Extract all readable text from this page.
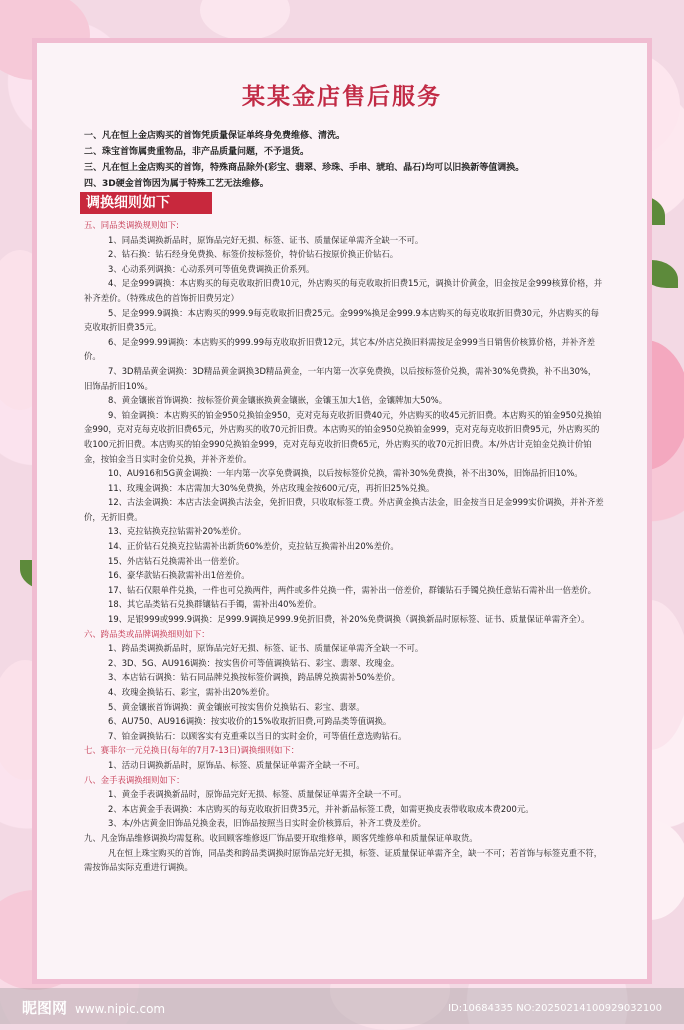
某某金店售后服务
一、凡在恒上金店购买的首饰凭质量保证单终身免费维修、清洗。
二、珠宝首饰属贵重物品，非产品质量问题，不予退货。
三、凡在恒上金店购买的首饰，特殊商品除外(彩宝、翡翠、珍珠、手串、琥珀、晶石)均可以旧换新等值调换。
四、3D硬金首饰因为属于特殊工艺无法维修。
调换细则如下

五、同品类调换规则如下:

1、同品类调换新品时，原饰品完好无损、标签、证书、质量保证单需齐全缺一不可。

2、钻石换：钻石经身免费换、标签价按标签价，特价钻石按原价换正价钻石。

3、心动系列调换：心动系列可等值免费调换正价系列。

4、足金999调换：本店购买的每克收取折旧费10元，外店购买的每克收取折旧费15元，调换计价黄金，旧金按足金999核算价格，并补齐差价。（特殊成色的首饰折旧费另定）

5、足金999.9调换：本店购买的999.9每克收取折旧费25元。金999%换足金999.9本店购买的每克收取折旧费30元，外店购买的每克收取折旧费35元。

6、足金999.99调换：本店购买的999.99每克收取折旧费12元，其它本/外店兑换旧料需按足金999当日销售价核算价格，并补齐差价。

7、3D精品黄金调换：3D精品黄金调换3D精品黄金，一年内第一次享免费换，以后按标签价兑换，需补30%免费换，补不出30%，旧饰品折旧10%。

8、黄金镶嵌首饰调换：按标签价黄金镶嵌换黄金镶嵌，金镶玉加大1倍，金镶牌加大50%。

9、铂金调换：本店购买的铂金950兑换铂金950，克对克每克收折旧费40元，外店购买的收45元折旧费。本店购买的铂金950兑换铂金990，克对克每克收折旧费65元，外店购买的收70元折旧费。本店购买的铂金950兑换铂金999，克对克每克收折旧费95元，外店购买的收100元折旧费。本店购买的铂金990兑换铂金999，克对克每克收折旧费65元，外店购买的收70元折旧费。本/外店计克铂金兑换计价铂金，按铂金当日实时金价兑换，并补齐差价。

10、AU916和5G黄金调换：一年内第一次享免费调换，以后按标签价兑换，需补30%免费换，补不出30%，旧饰品折旧10%。

11、玫瑰金调换：本店需加大30%免费换，外店玫瑰金按600元/克，再折旧25%兑换。

12、古法金调换：本店古法金调换古法金，免折旧费，只收取标签工费。外店黄金换古法金，旧金按当日足金999实价调换，并补齐差价，无折旧费。

13、克拉钻换克拉钻需补20%差价。

14、正价钻石兑换克拉钻需补出新货60%差价，克拉钻互换需补出20%差价。

15、外店钻石兑换需补出一倍差价。

16、豪华款钻石换款需补出1倍差价。

17、钻石仅限单件兑换，一件也可兑换两件，两件或多件兑换一件，需补出一倍差价，群镶钻石手镯兑换任意钻石需补出一倍差价。

18、其它品类钻石兑换群镶钻石手镯，需补出40%差价。

19、足银999或999.9调换：足999.9调换足999.9免折旧费，补20%免费调换（调换新品时原标签、证书、质量保证单需齐全）。

六、跨品类或品牌调换细则如下：

1、跨品类调换新品时，原饰品完好无损、标签、证书、质量保证单需齐全缺一不可。

2、3D、5G、AU916调换：按实售价可等值调换钻石、彩宝、翡翠、玫瑰金。

3、本店钻石调换：钻石同品牌兑换按标签价调换，跨品牌兑换需补50%差价。

4、玫瑰金换钻石、彩宝，需补出20%差价。

5、黄金镶嵌首饰调换：黄金镶嵌可按实售价兑换钻石、彩宝、翡翠。

6、AU750、AU916调换：按实收价的15%收取折旧费,可跨品类等值调换。

7、铂金调换钻石：以顾客实有克重乘以当日的实时金价，可等值任意选购钻石。

七、赛菲尔一元兑换日(每年的7月7-13日)调换细则如下：

1、活动日调换新品时，原饰品、标签、质量保证单需齐全缺一不可。

八、金手表调换细则如下：

1、黄金手表调换新品时，原饰品完好无损、标签、质量保证单需齐全缺一不可。

2、本店黄金手表调换：本店购买的每克收取折旧费35元，并补新品标签工费，如需更换皮表带收取成本费200元。

3、本/外店黄金旧饰品兑换金表，旧饰品按照当日实时金价核算后，补齐工费及差价。

九、凡金饰品维修调换均需复称。收回顾客维修返厂饰品要开取维修单，顾客凭维修单和质量保证单取货。

凡在恒上珠宝购买的首饰，同品类和跨品类调换时原饰品完好无损，标签、证质量保证单需齐全，缺一不可；若首饰与标签克重不符，需按饰品实际克重进行调换。

昵图网 www.nipic.com	ID:10684335 NO:20250214100929032100
